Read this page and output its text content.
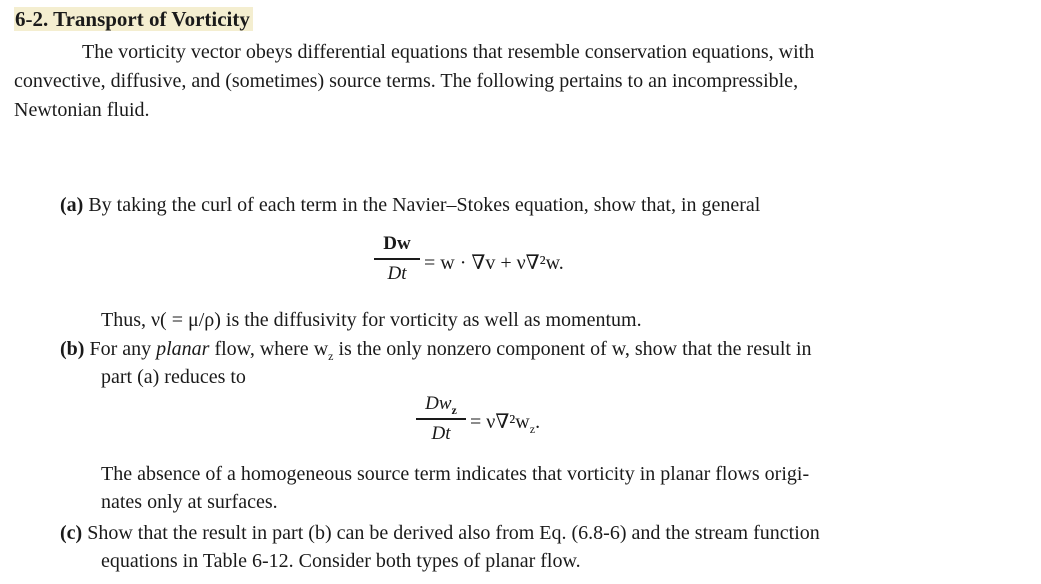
6-2. Transport of Vorticity
The vorticity vector obeys differential equations that resemble conservation equations, with
convective, diffusive, and (sometimes) source terms. The following pertains to an incompressible,
Newtonian fluid.
(a) By taking the curl of each term in the Navier–Stokes equation, show that, in general
Dw
Dt = w · ∇v + ν∇²w.
Thus, ν( = μ/ρ) is the diffusivity for vorticity as well as momentum.
(b) For any planar flow, where $w_z$ is the only nonzero component of w, show that the result in
part (a) reduces to
$Dw_z$
$Dt = \nu\nabla^2w_z$.
The absence of a homogeneous source term indicates that vorticity in planar flows origi-
nates only at surfaces.
(c) Show that the result in part (b) can be derived also from Eq. (6.8-6) and the stream function
equations in Table 6-12. Consider both types of planar flow.
